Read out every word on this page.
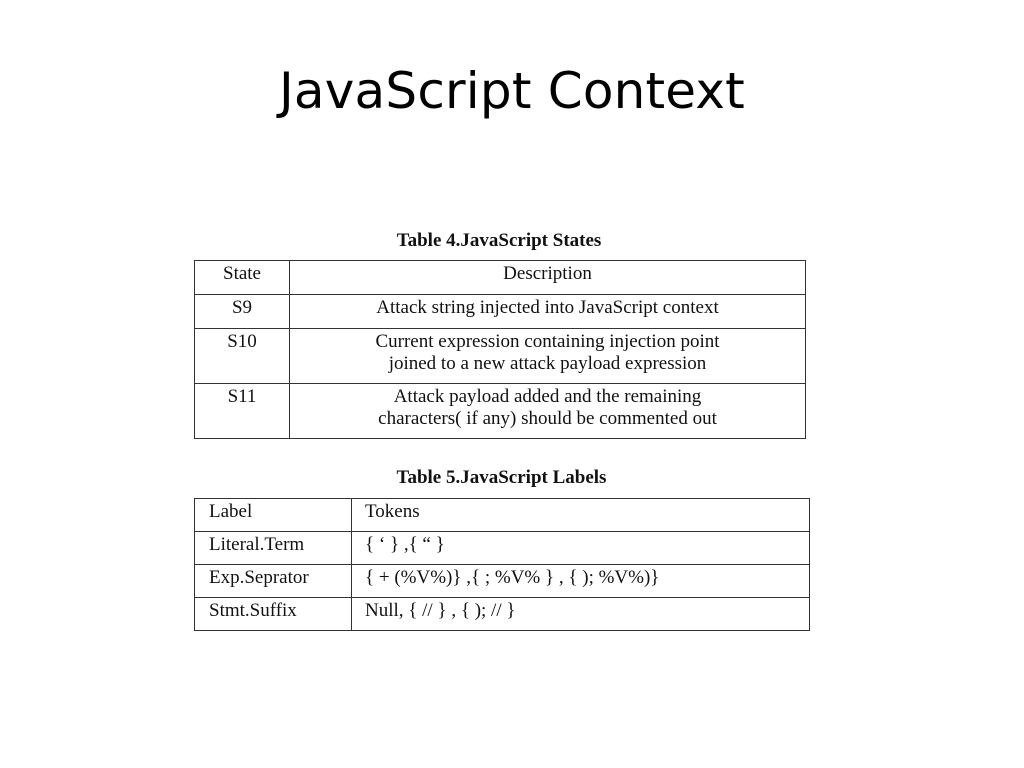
JavaScript Context
Table 4.JavaScript States
State	Description
S9	Attack string injected into JavaScript context
S10	Current expression containing injection point
joined to a new attack payload expression
S11	Attack payload added and the remaining
characters( if any) should be commented out
Table 5.JavaScript Labels
Label	Tokens
Literal.Term	{ ‘ } ,{ “ }
Exp.Seprator	{ + (%V%)} ,{ ; %V% } , { ); %V%)}
Stmt.Suffix	Null, { // } , { ); // }
